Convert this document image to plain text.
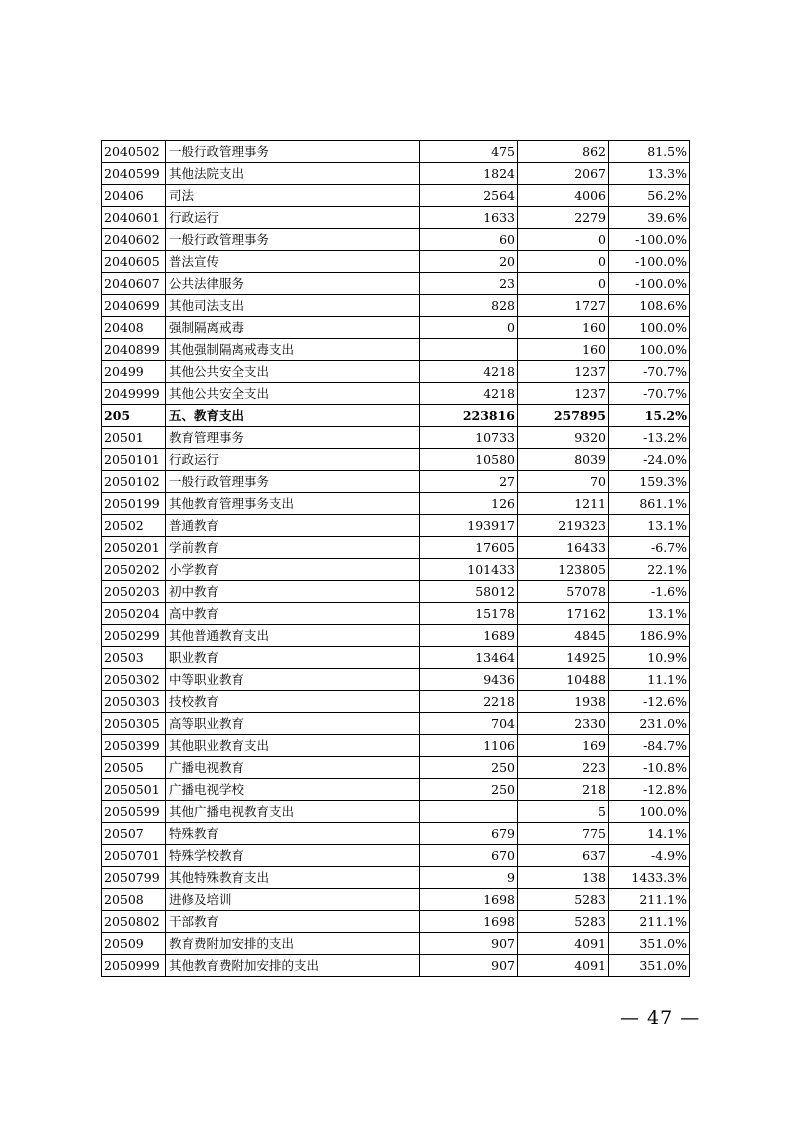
2040502	一般行政管理事务	475	862	81.5%
2040599	其他法院支出	1824	2067	13.3%
20406	司法	2564	4006	56.2%
2040601	行政运行	1633	2279	39.6%
2040602	一般行政管理事务	60	0	-100.0%
2040605	普法宣传	20	0	-100.0%
2040607	公共法律服务	23	0	-100.0%
2040699	其他司法支出	828	1727	108.6%
20408	强制隔离戒毒	0	160	100.0%
2040899	其他强制隔离戒毒支出		160	100.0%
20499	其他公共安全支出	4218	1237	-70.7%
2049999	其他公共安全支出	4218	1237	-70.7%
205	五、教育支出	223816	257895	15.2%
20501	教育管理事务	10733	9320	-13.2%
2050101	行政运行	10580	8039	-24.0%
2050102	一般行政管理事务	27	70	159.3%
2050199	其他教育管理事务支出	126	1211	861.1%
20502	普通教育	193917	219323	13.1%
2050201	学前教育	17605	16433	-6.7%
2050202	小学教育	101433	123805	22.1%
2050203	初中教育	58012	57078	-1.6%
2050204	高中教育	15178	17162	13.1%
2050299	其他普通教育支出	1689	4845	186.9%
20503	职业教育	13464	14925	10.9%
2050302	中等职业教育	9436	10488	11.1%
2050303	技校教育	2218	1938	-12.6%
2050305	高等职业教育	704	2330	231.0%
2050399	其他职业教育支出	1106	169	-84.7%
20505	广播电视教育	250	223	-10.8%
2050501	广播电视学校	250	218	-12.8%
2050599	其他广播电视教育支出		5	100.0%
20507	特殊教育	679	775	14.1%
2050701	特殊学校教育	670	637	-4.9%
2050799	其他特殊教育支出	9	138	1433.3%
20508	进修及培训	1698	5283	211.1%
2050802	干部教育	1698	5283	211.1%
20509	教育费附加安排的支出	907	4091	351.0%
2050999	其他教育费附加安排的支出	907	4091	351.0%
— 47 —
